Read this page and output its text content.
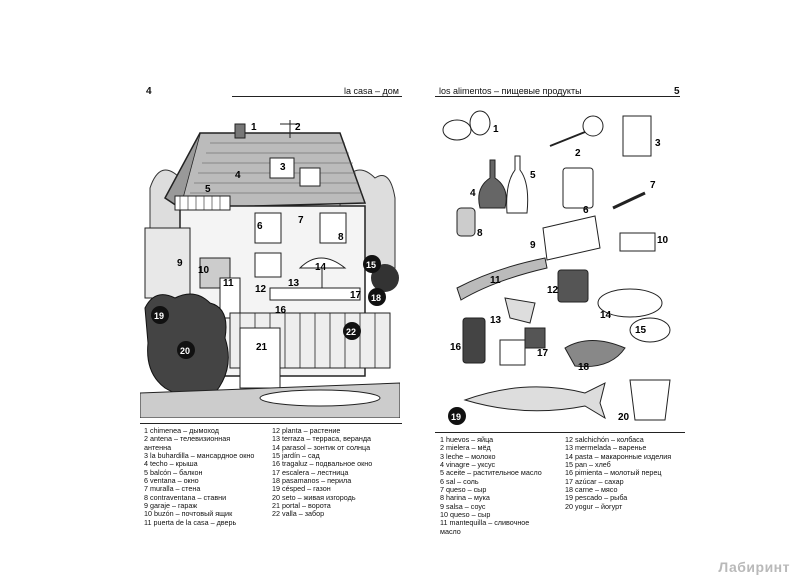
4	la casa – дом
1	2
3
4
5
6
7
8
9
10
11
12
13
14
16
17
21
15
18
19
20
22
1 chimenea – дымоход
2 antena – телевизионная
антенна
3 la buhardilla – мансардное окно
4 techo – крыша
5 balcón – балкон
6 ventana – окно
7 muralla – стена
8 contraventana – ставни
9 garaje – гараж
10 buzón – почтовый ящик
11 puerta de la casa – дверь
12 planta – растение
13 terraza – терраса, веранда
14 parasol – зонтик от солнца
15 jardín – сад
16 tragaluz – подвальное окно
17 escalera – лестница
18 pasamanos – перила
19 césped – газон
20 seto – живая изгородь
21 portal – ворота
22 valla – забор
los alimentos – пищевые продукты	5
1
2
3
4
5
6
7
8
9	10
11
12
13	14
15
16
17
18
20
19
1 huevos – яйца
2 mielera – мёд
3 leche – молоко
4 vinagre – уксус
5 aceite – растительное масло
6 sal – соль
7 queso – сыр
8 harina – мука
9 salsa – соус
10 queso – сыр
11 mantequilla – сливочное
масло
12 salchichón – колбаса
13 mermelada – варенье
14 pasta – макаронные изделия
15 pan – хлеб
16 pimienta – молотый перец
17 azúcar – сахар
18 carne – мясо
19 pescado – рыба
20 yogur – йогурт
Лабиринт
